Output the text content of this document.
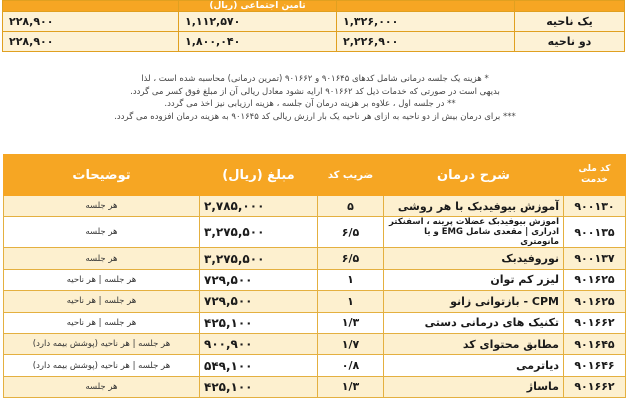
		تامین اجتماعی (ریال)	
یک ناحیه	۱,۳۲۶,۰۰۰	۱,۱۱۲,۵۷۰	۲۲۸,۹۰۰
دو ناحیه	۲,۲۲۶,۹۰۰	۱,۸۰۰,۰۴۰	۲۲۸,۹۰۰

* هزینه یک جلسه درمانی شامل کدهای ۹۰۱۶۴۵ و ۹۰۱۶۶۲ (تمرین درمانی) محاسبه شده است ، لذا

بدیهی است در صورتی که خدمات ذیل کد ۹۰۱۶۶۲ ارایه نشود معادل ریالی آن از مبلغ فوق کسر می گردد.

** در جلسه اول ، علاوه بر هزینه درمان آن جلسه ، هزینه ارزیابی نیز اخذ می گردد.

*** برای درمان بیش از دو ناحیه به ازای هر ناحیه یک بار ارزش ریالی کد ۹۰۱۶۴۵ به هزینه درمان افزوده می گردد.

کد ملی خدمت	شرح درمان	ضریب کد	مبلغ (ریال)	توضیحات
۹۰۰۱۳۰	آموزش بیوفیدبک با هر روشی	۵	۲,۷۸۵,۰۰۰	هر جلسه
۹۰۰۱۳۵	آموزش بیوفیدبک عضلات پرینه ، اسفنکتر ادراری | مقعدی شامل EMG و یا مانومتری	۶/۵	۳,۲۷۵,۵۰۰	هر جلسه
۹۰۰۱۳۷	نوروفیدبک	۶/۵	۳,۲۷۵,۵۰۰	هر جلسه
۹۰۱۶۲۵	لیزر کم توان	۱	۷۲۹,۵۰۰	هر جلسه | هر ناحیه
۹۰۱۶۲۵	CPM - بازتوانی زانو	۱	۷۲۹,۵۰۰	هر جلسه | هر ناحیه
۹۰۱۶۶۲	تکنیک های درمانی دستی	۱/۳	۴۲۵,۱۰۰	هر جلسه | هر ناحیه
۹۰۱۶۴۵	مطابق محتوای کد	۱/۷	۹۰۰,۹۰۰	هر جلسه | هر ناحیه (پوشش بیمه دارد)
۹۰۱۶۴۶	دیاترمی	۰/۸	۵۴۹,۱۰۰	هر جلسه | هر ناحیه (پوشش بیمه دارد)
۹۰۱۶۶۲	ماساژ	۱/۳	۴۲۵,۱۰۰	هر جلسه
